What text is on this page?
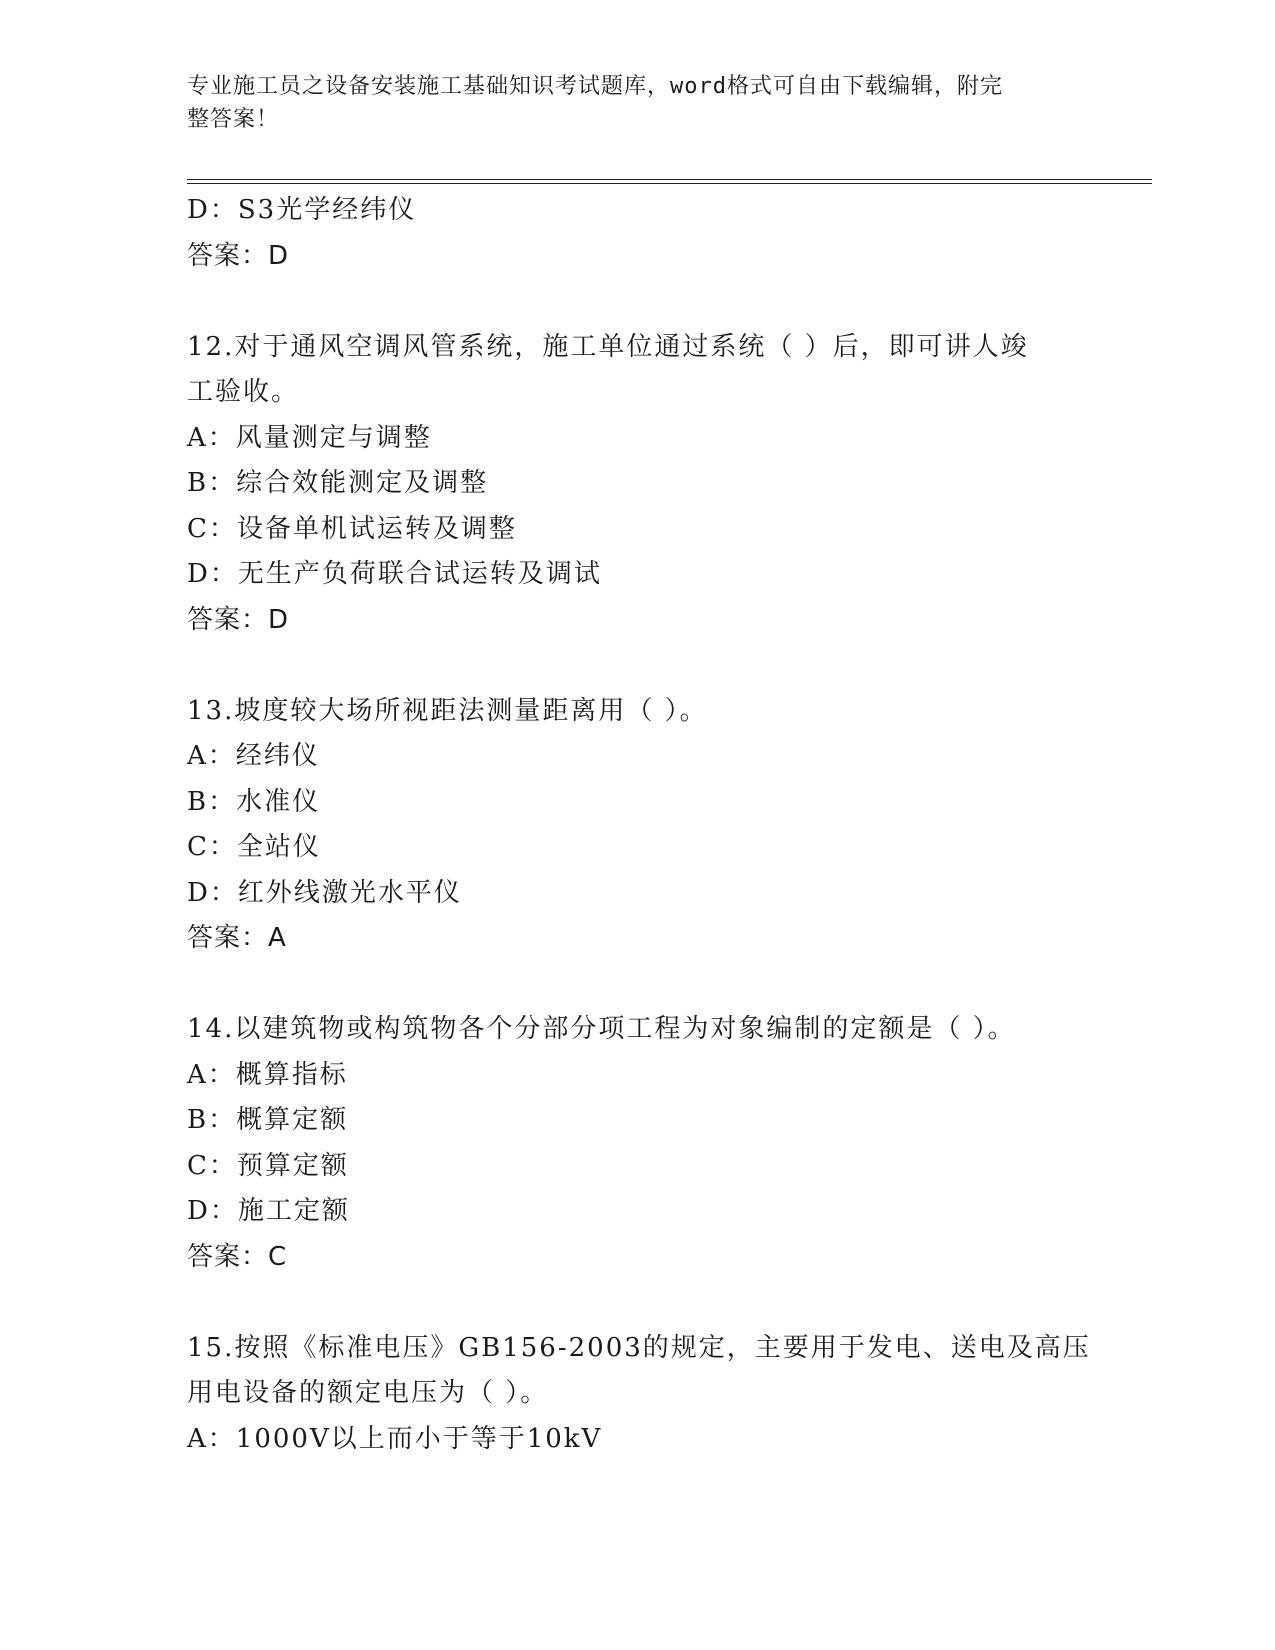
专业施工员之设备安装施工基础知识考试题库，word格式可自由下载编辑，附完
整答案！
D：S3光学经纬仪
答案：D
12.对于通风空调风管系统，施工单位通过系统（ ）后，即可讲人竣
工验收。
A：风量测定与调整
B：综合效能测定及调整
C：设备单机试运转及调整
D：无生产负荷联合试运转及调试
答案：D
13.坡度较大场所视距法测量距离用（ ）。
A：经纬仪
B：水准仪
C：全站仪
D：红外线激光水平仪
答案：A
14.以建筑物或构筑物各个分部分项工程为对象编制的定额是（ ）。
A：概算指标
B：概算定额
C：预算定额
D：施工定额
答案：C
15.按照《标准电压》GB156-2003的规定，主要用于发电、送电及高压
用电设备的额定电压为（ ）。
A：1000V以上而小于等于10kV
